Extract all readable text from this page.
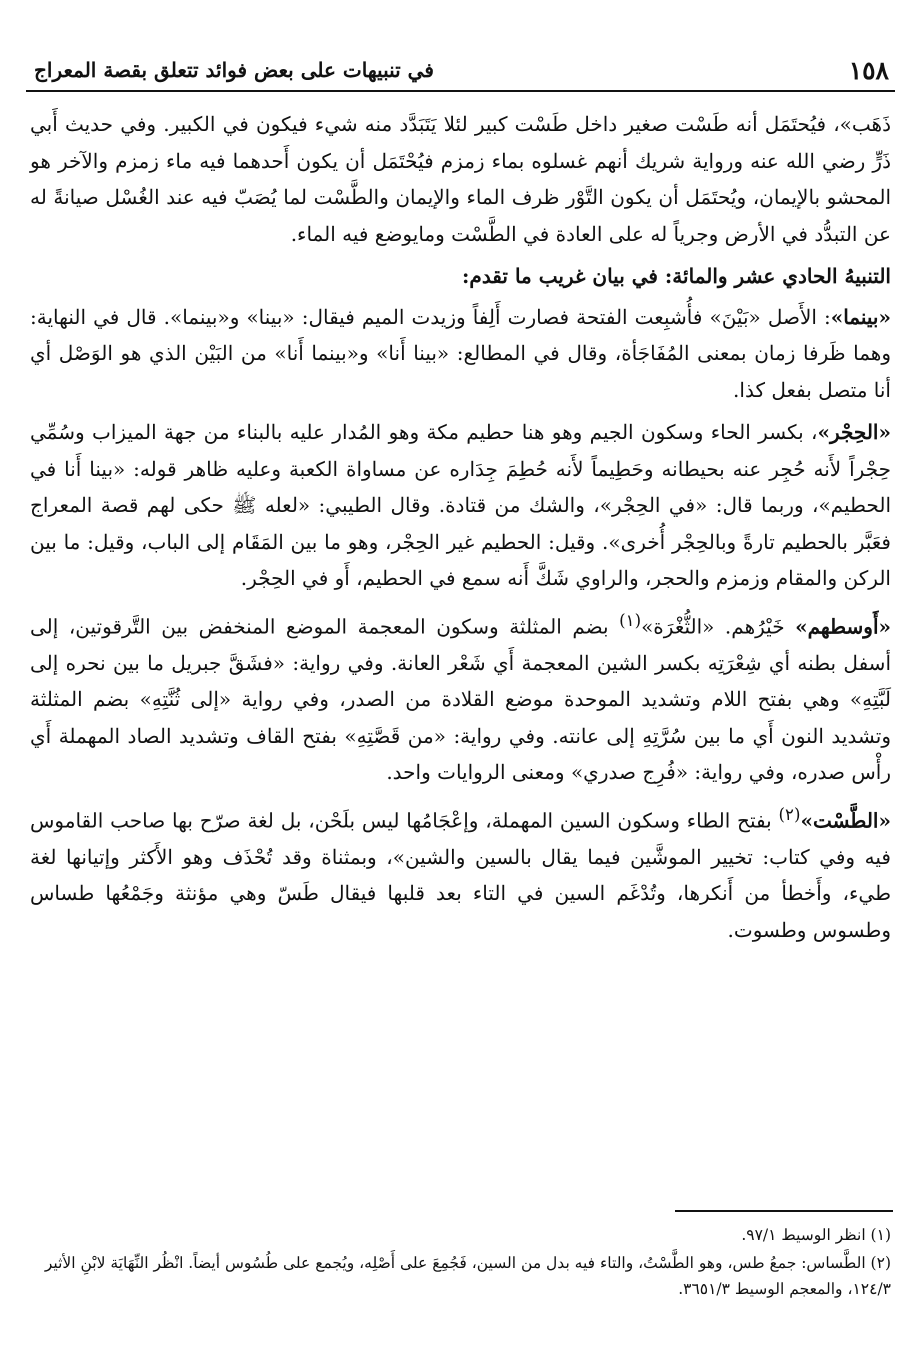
١٥٨
في تنبيهات على بعض فوائد تتعلق بقصة المعراج

ذَهَب»، فيُحتَمَل أنه طَسْت صغير داخل طَسْت كبير لئلا يَتَبَدَّد منه شيء فيكون في الكبير. وفي حديث أَبي ذَرٍّ رضي الله عنه ورواية شريك أنهم غسلوه بماء زمزم فيُحْتَمَل أن يكون أَحدهما فيه ماء زمزم والآخر هو المحشو بالإيمان، ويُحتَمَل أن يكون التَّوْر ظرف الماء والإيمان والطَّسْت لما يُصَبّ فيه عند الغُسْل صيانةً له عن التبدُّد في الأرض وجرياً له على العادة في الطَّسْت ومايوضع فيه الماء.

التنبيهُ الحادي عشر والمائة: في بيان غريب ما تقدم:

«بينما»: الأَصل «بَيْنَ» فأُشبِعت الفتحة فصارت أَلِفاً وزيدت الميم فيقال: «بينا» و«بينما». قال في النهاية: وهما ظَرفا زمان بمعنى المُفَاجَأة، وقال في المطالع: «بينا أَنا» و«بينما أَنا» من البَيْن الذي هو الوَصْل أي أنا متصل بفعل كذا.

«الحِجْر»، بكسر الحاء وسكون الجيم وهو هنا حطيم مكة وهو المُدار عليه بالبناء من جهة الميزاب وسُمِّي حِجْراً لأَنه حُجِر عنه بحيطانه وحَطِيماً لأَنه حُطِمَ جِدَاره عن مساواة الكعبة وعليه ظاهر قوله: «بينا أَنا في الحطيم»، وربما قال: «في الحِجْر»، والشك من قتادة. وقال الطيبي: «لعله ﷺ حكى لهم قصة المعراج فعَبَّر بالحطيم تارةً وبالحِجْر أُخرى». وقيل: الحطيم غير الحِجْر، وهو ما بين المَقَام إلى الباب، وقيل: ما بين الركن والمقام وزمزم والحجر، والراوي شَكَّ أَنه سمع في الحطيم، أَو في الحِجْر.

«أَوسطهم» خَيْرُهم. «الثُّغْرَة»$^{(١)}$ بضم المثلثة وسكون المعجمة الموضع المنخفض بين التَّرقوتين، إلى أسفل بطنه أي شِعْرَتِه بكسر الشين المعجمة أَي شَعْر العانة. وفي رواية: «فشَقَّ جبريل ما بين نحره إلى لَبَّتِهِ» وهي بفتح اللام وتشديد الموحدة موضع القلادة من الصدر، وفي رواية «إلى ثُنَّتِهِ» بضم المثلثة وتشديد النون أَي ما بين سُرَّتِهِ إلى عانته. وفي رواية: «من قَصَّتِهِ» بفتح القاف وتشديد الصاد المهملة أَي رأْس صدره، وفي رواية: «فُرِج صدري» ومعنى الروايات واحد.

«الطَّسْت»$^{(٢)}$ بفتح الطاء وسكون السين المهملة، وإعْجَامُها ليس بلَحْن، بل لغة صرّح بها صاحب القاموس فيه وفي كتاب: تخيير الموشَّين فيما يقال بالسين والشين»، وبمثناة وقد تُحْذَف وهو الأَكثر وإتيانها لغة طيء، وأَخطأ من أَنكرها، وتُدْغَم السين في التاء بعد قلبها فيقال طَسّ وهي مؤنثة وجَمْعُها طساس وطسوس وطسوت.

(١) انظر الوسيط ٩٧/١.

(٢) الطَّساس: جمعُ طس، وهو الطَّسْتُ، والتاء فيه بدل من السين، فَجُمِعَ على أَصْلِه، ويُجمع على طُسُوس أيضاً. انْظُر النِّهَايَة لابْنِ الأثير ١٢٤/٣، والمعجم الوسيط ٣٦٥١/٣.
